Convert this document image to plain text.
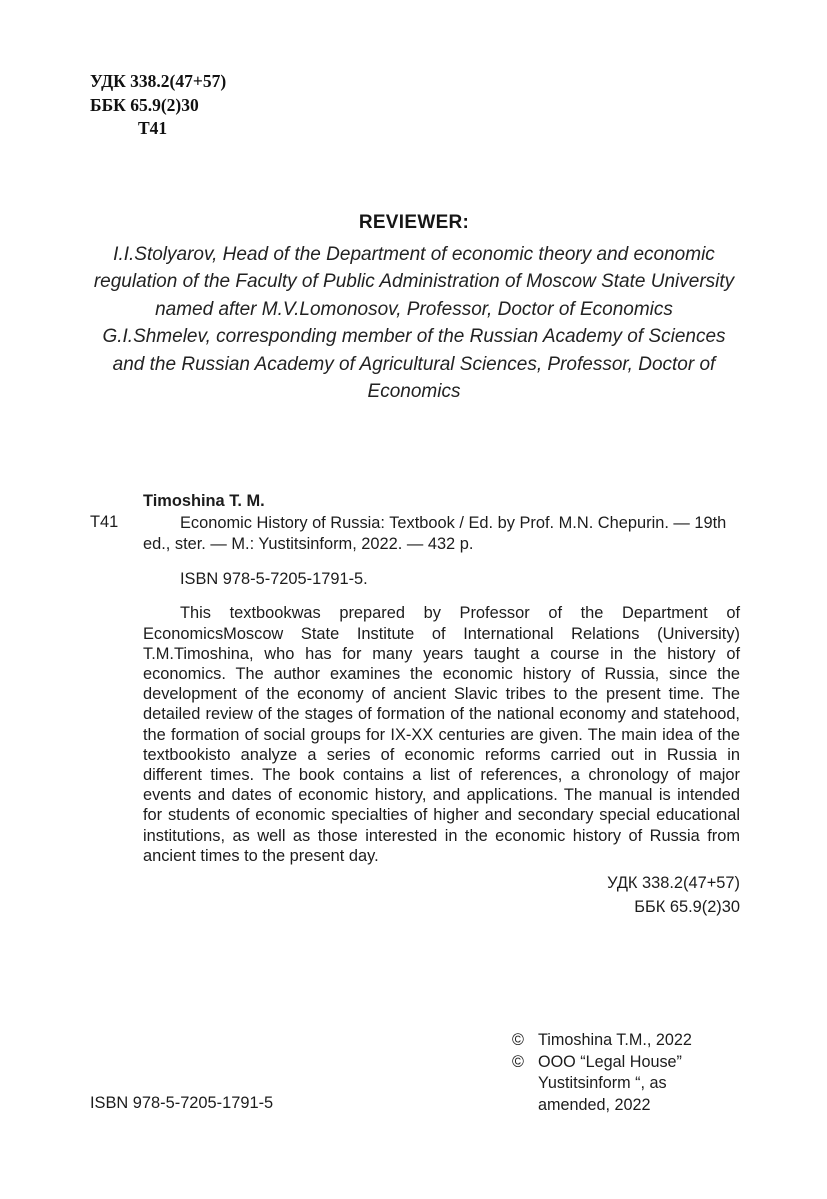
УДК 338.2(47+57)
ББК 65.9(2)30
Т41
REVIEWER:

I.I.Stolyarov, Head of the Department of economic theory and economic regulation of the Faculty of Public Administration of Moscow State University named after M.V.Lomonosov, Professor, Doctor of Economics

G.I.Shmelev, corresponding member of the Russian Academy of Sciences and the Russian Academy of Agricultural Sciences, Professor, Doctor of Economics

Timoshina T. M.
Т41	Economic History of Russia: Textbook / Ed. by Prof. M.N. Chepurin. — 19th ed., ster. — M.: Yustitsinform, 2022. — 432 p.

ISBN 978-5-7205-1791-5.

This textbookwas prepared by Professor of the Department of EconomicsMoscow State Institute of International Relations (University) T.M.Timoshina, who has for many years taught a course in the history of economics. The author examines the economic history of Russia, since the development of the economy of ancient Slavic tribes to the present time. The detailed review of the stages of formation of the national economy and statehood, the formation of social groups for IX-XX centuries are given. The main idea of the textbookisto analyze a series of economic reforms carried out in Russia in different times. The book contains a list of references, a chronology of major events and dates of economic history, and applications. The manual is intended for students of economic specialties of higher and secondary special educational institutions, as well as those interested in the economic history of Russia from ancient times to the present day.

УДК 338.2(47+57)
ББК 65.9(2)30
© Timoshina T.M., 2022
© OOO “Legal House”
Yustitsinform “, as
amended, 2022
ISBN 978-5-7205-1791-5
